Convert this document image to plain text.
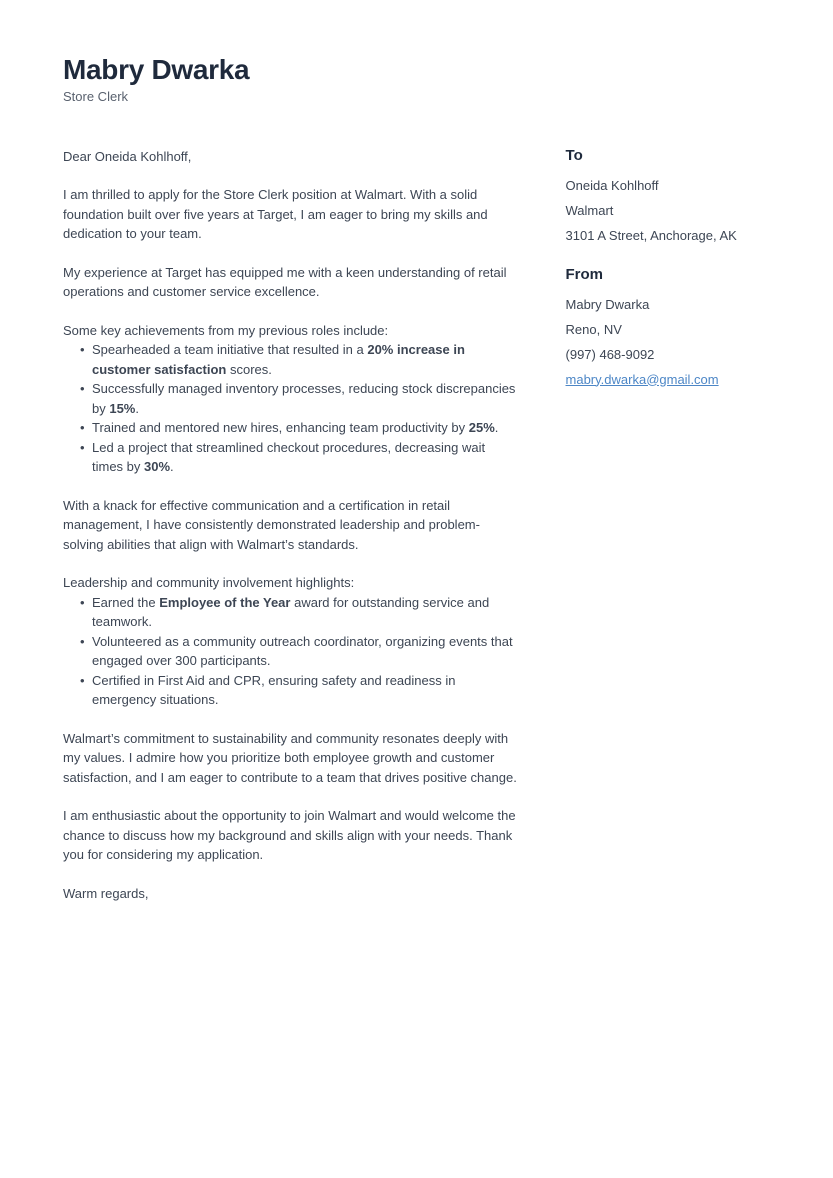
Mabry Dwarka
Store Clerk

Dear Oneida Kohlhoff,

I am thrilled to apply for the Store Clerk position at Walmart. With a solid foundation built over five years at Target, I am eager to bring my skills and dedication to your team.

My experience at Target has equipped me with a keen understanding of retail operations and customer service excellence.

Some key achievements from my previous roles include:

• Spearheaded a team initiative that resulted in a 20% increase in customer satisfaction scores.
• Successfully managed inventory processes, reducing stock discrepancies by 15%.
• Trained and mentored new hires, enhancing team productivity by 25%.
• Led a project that streamlined checkout procedures, decreasing wait times by 30%.

With a knack for effective communication and a certification in retail management, I have consistently demonstrated leadership and problem-solving abilities that align with Walmart’s standards.

Leadership and community involvement highlights:

• Earned the Employee of the Year award for outstanding service and teamwork.
• Volunteered as a community outreach coordinator, organizing events that engaged over 300 participants.
• Certified in First Aid and CPR, ensuring safety and readiness in emergency situations.

Walmart’s commitment to sustainability and community resonates deeply with my values. I admire how you prioritize both employee growth and customer satisfaction, and I am eager to contribute to a team that drives positive change.

I am enthusiastic about the opportunity to join Walmart and would welcome the chance to discuss how my background and skills align with your needs. Thank you for considering my application.

Warm regards,

To
Oneida Kohlhoff
Walmart
3101 A Street, Anchorage, AK
From
Mabry Dwarka
Reno, NV
(997) 468-9092
mabry.dwarka@gmail.com
